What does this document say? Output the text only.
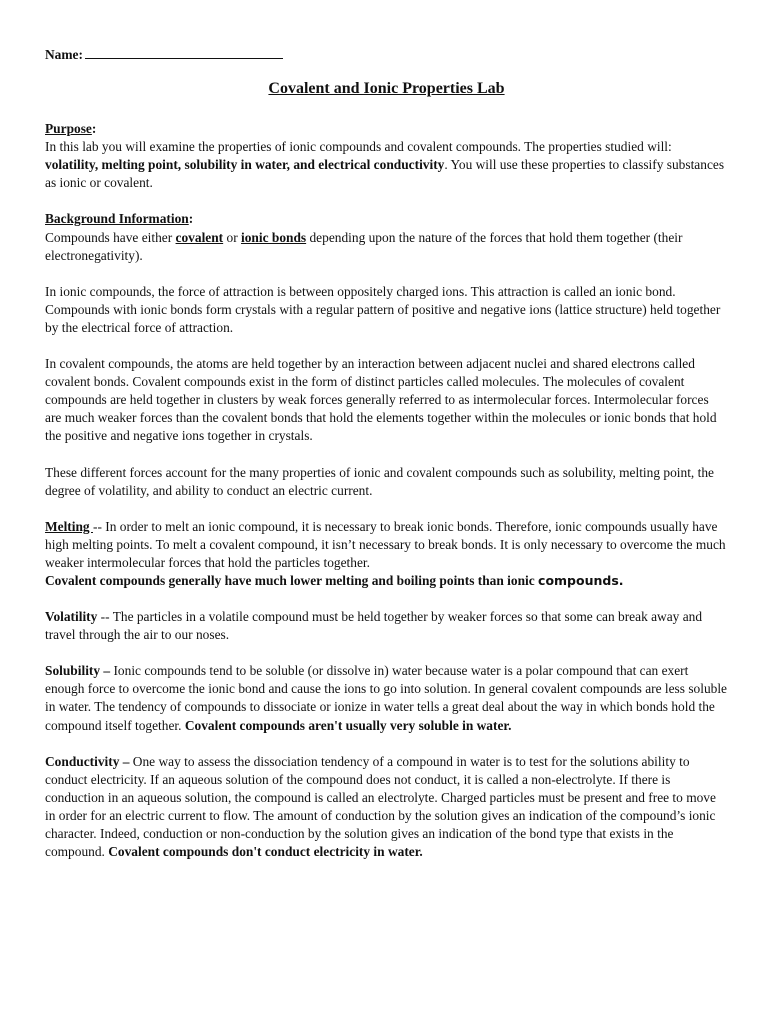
Name:
Covalent and Ionic Properties Lab

Purpose:
In this lab you will examine the properties of ionic compounds and covalent compounds. The properties studied will: volatility, melting point, solubility in water, and electrical conductivity. You will use these properties to classify substances as ionic or covalent.

Background Information:
Compounds have either covalent or ionic bonds depending upon the nature of the forces that hold them together (their electronegativity).

In ionic compounds, the force of attraction is between oppositely charged ions. This attraction is called an ionic bond. Compounds with ionic bonds form crystals with a regular pattern of positive and negative ions (lattice structure) held together by the electrical force of attraction.

In covalent compounds, the atoms are held together by an interaction between adjacent nuclei and shared electrons called covalent bonds. Covalent compounds exist in the form of distinct particles called molecules. The molecules of covalent compounds are held together in clusters by weak forces generally referred to as intermolecular forces. Intermolecular forces are much weaker forces than the covalent bonds that hold the elements together within the molecules or ionic bonds that hold the positive and negative ions together in crystals.

These different forces account for the many properties of ionic and covalent compounds such as solubility, melting point, the degree of volatility, and ability to conduct an electric current.

Melting -- In order to melt an ionic compound, it is necessary to break ionic bonds. Therefore, ionic compounds usually have high melting points. To melt a covalent compound, it isn’t necessary to break bonds. It is only necessary to overcome the much weaker intermolecular forces that hold the particles together.
Covalent compounds generally have much lower melting and boiling points than ionic compounds.

Volatility -- The particles in a volatile compound must be held together by weaker forces so that some can break away and travel through the air to our noses.

Solubility – Ionic compounds tend to be soluble (or dissolve in) water because water is a polar compound that can exert enough force to overcome the ionic bond and cause the ions to go into solution. In general covalent compounds are less soluble in water. The tendency of compounds to dissociate or ionize in water tells a great deal about the way in which bonds hold the compound itself together. Covalent compounds aren't usually very soluble in water.

Conductivity – One way to assess the dissociation tendency of a compound in water is to test for the solutions ability to conduct electricity. If an aqueous solution of the compound does not conduct, it is called a non-electrolyte. If there is conduction in an aqueous solution, the compound is called an electrolyte. Charged particles must be present and free to move in order for an electric current to flow. The amount of conduction by the solution gives an indication of the compound’s ionic character. Indeed, conduction or non-conduction by the solution gives an indication of the bond type that exists in the compound. Covalent compounds don't conduct electricity in water.
